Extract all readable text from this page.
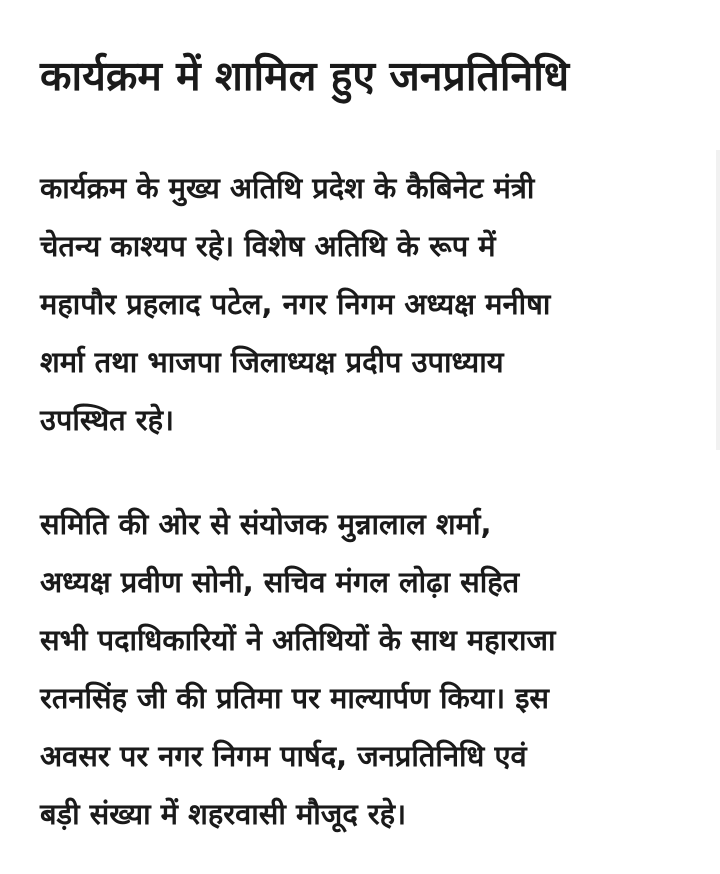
कार्यक्रम में शामिल हुए जनप्रतिनिधि
कार्यक्रम के मुख्य अतिथि प्रदेश के कैबिनेट मंत्री
चेतन्य काश्यप रहे। विशेष अतिथि के रूप में
महापौर प्रहलाद पटेल, नगर निगम अध्यक्ष मनीषा
शर्मा तथा भाजपा जिलाध्यक्ष प्रदीप उपाध्याय
उपस्थित रहे।
समिति की ओर से संयोजक मुन्नालाल शर्मा,
अध्यक्ष प्रवीण सोनी, सचिव मंगल लोढ़ा सहित
सभी पदाधिकारियों ने अतिथियों के साथ महाराजा
रतनसिंह जी की प्रतिमा पर माल्यार्पण किया। इस
अवसर पर नगर निगम पार्षद, जनप्रतिनिधि एवं
बड़ी संख्या में शहरवासी मौजूद रहे।
